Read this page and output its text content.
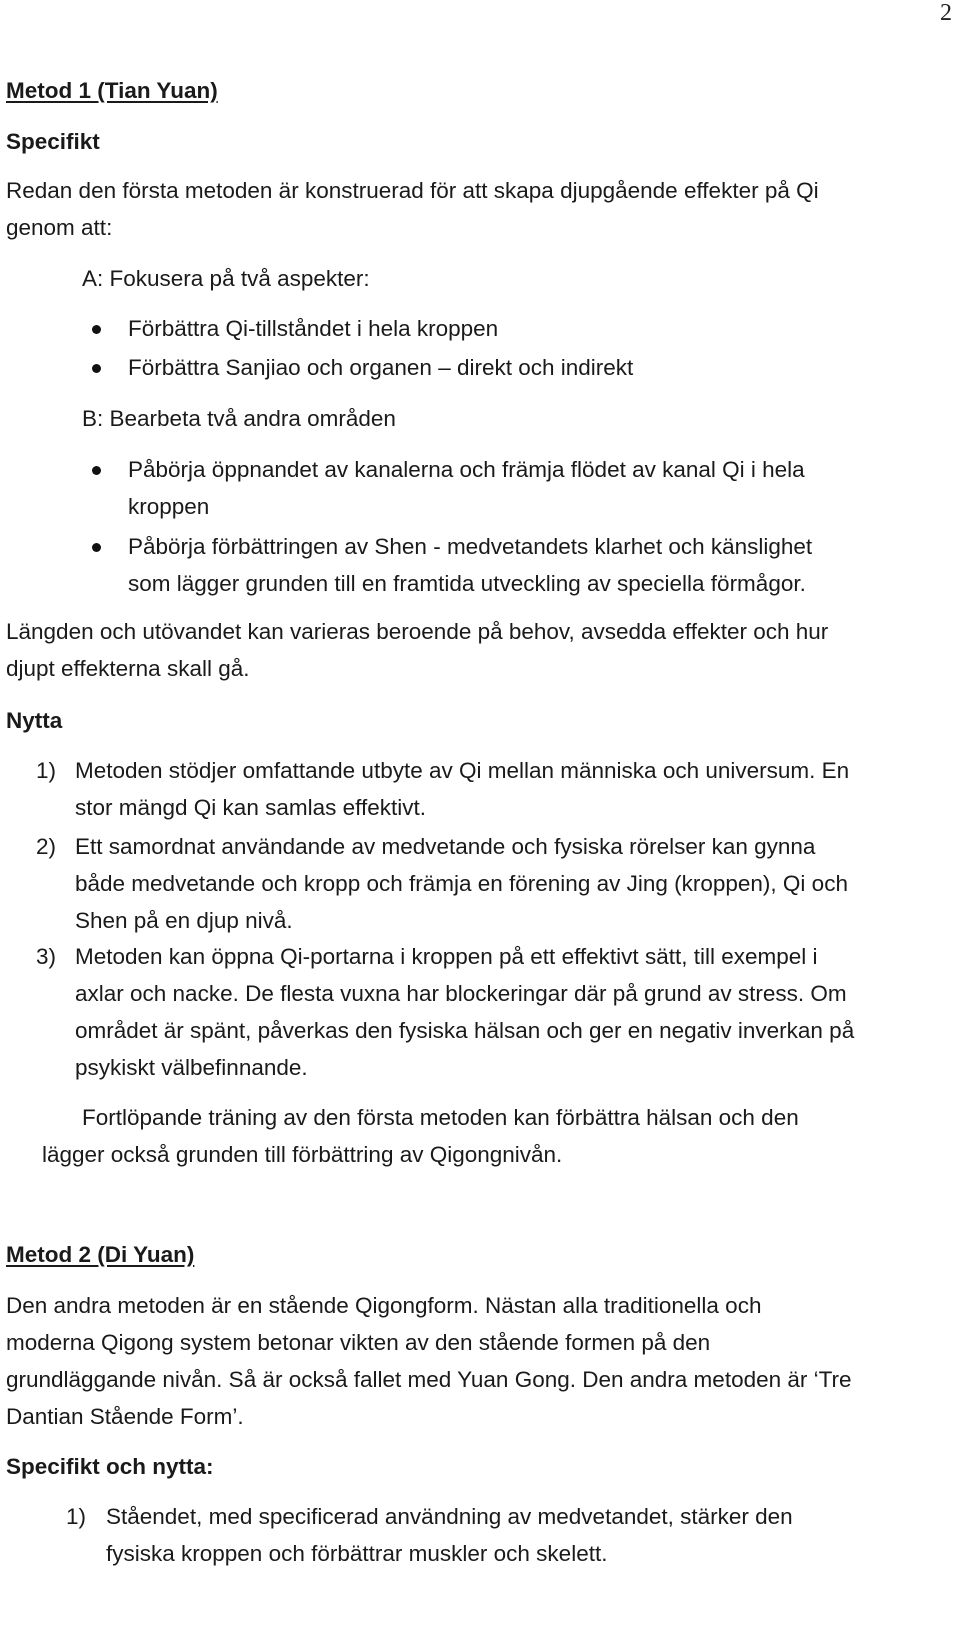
2
Metod 1 (Tian Yuan)
Specifikt
Redan den första metoden är konstruerad för att skapa djupgående effekter på Qi
genom att:
A: Fokusera på två aspekter:
Förbättra Qi-tillståndet i hela kroppen
Förbättra Sanjiao och organen – direkt och indirekt
B: Bearbeta två andra områden
Påbörja öppnandet av kanalerna och främja flödet av kanal Qi i hela
kroppen
Påbörja förbättringen av Shen - medvetandets klarhet och känslighet
som lägger grunden till en framtida utveckling av speciella förmågor.
Längden och utövandet kan varieras beroende på behov, avsedda effekter och hur
djupt effekterna skall gå.
Nytta
1) Metoden stödjer omfattande utbyte av Qi mellan människa och universum. En
stor mängd Qi kan samlas effektivt.
2) Ett samordnat användande av medvetande och fysiska rörelser kan gynna
både medvetande och kropp och främja en förening av Jing (kroppen), Qi och
Shen på en djup nivå.
3) Metoden kan öppna Qi-portarna i kroppen på ett effektivt sätt, till exempel i
axlar och nacke. De flesta vuxna har blockeringar där på grund av stress. Om
området är spänt, påverkas den fysiska hälsan och ger en negativ inverkan på
psykiskt välbefinnande.
Fortlöpande träning av den första metoden kan förbättra hälsan och den
lägger också grunden till förbättring av Qigongnivån.
Metod 2 (Di Yuan)
Den andra metoden är en stående Qigongform. Nästan alla traditionella och
moderna Qigong system betonar vikten av den stående formen på den
grundläggande nivån. Så är också fallet med Yuan Gong. Den andra metoden är ‘Tre
Dantian Stående Form’.
Specifikt och nytta:
1) Ståendet, med specificerad användning av medvetandet, stärker den
fysiska kroppen och förbättrar muskler och skelett.
